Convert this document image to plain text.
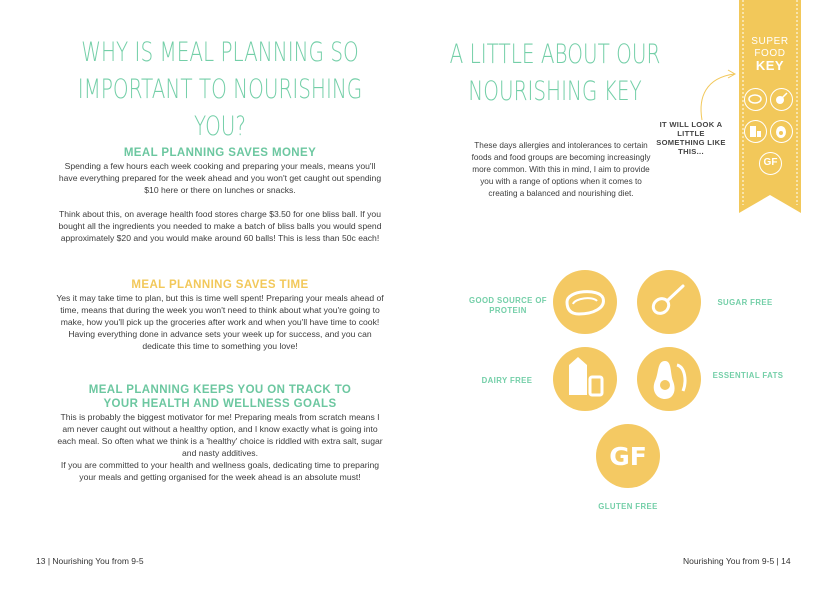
WHY IS MEAL PLANNING SO
IMPORTANT TO NOURISHING YOU?
MEAL PLANNING SAVES MONEY
Spending a few hours each week cooking and preparing your meals, means you'll have everything prepared for the week ahead and you won't get caught out spending $10 here or there on lunches or snacks.
Think about this, on average health food stores charge $3.50 for one bliss ball. If you bought all the ingredients you needed to make a batch of bliss balls you would spend approximately $20 and you would make around 60 balls! This is less than 50c each!
MEAL PLANNING SAVES TIME
Yes it may take time to plan, but this is time well spent! Preparing your meals ahead of time, means that during the week you won't need to think about what you're going to make, how you'll pick up the groceries after work and when you'll have time to cook! Having everything done in advance sets your week up for success, and you can dedicate this time to something you love!
MEAL PLANNING KEEPS YOU ON TRACK TO
YOUR HEALTH AND WELLNESS GOALS
This is probably the biggest motivator for me! Preparing meals from scratch means I am never caught out without a healthy option, and I know exactly what is going into each meal. So often what we think is a 'healthy' choice is riddled with extra salt, sugar and nasty additives.
If you are committed to your health and wellness goals, dedicating time to preparing your meals and getting organised for the week ahead is an absolute must!
13 | Nourishing You from 9-5
A LITTLE ABOUT OUR
NOURISHING KEY
These days allergies and intolerances to certain foods and food groups are becoming increasingly more common. With this in mind, I aim to provide you with a range of options when it comes to creating a balanced and nourishing diet.
IT WILL LOOK A LITTLE SOMETHING LIKE THIS...
SUPER
FOOD
KEY
GF
GF
GOOD SOURCE OF PROTEIN
SUGAR FREE
DAIRY FREE
ESSENTIAL FATS
GLUTEN FREE
Nourishing You from 9-5 | 14
